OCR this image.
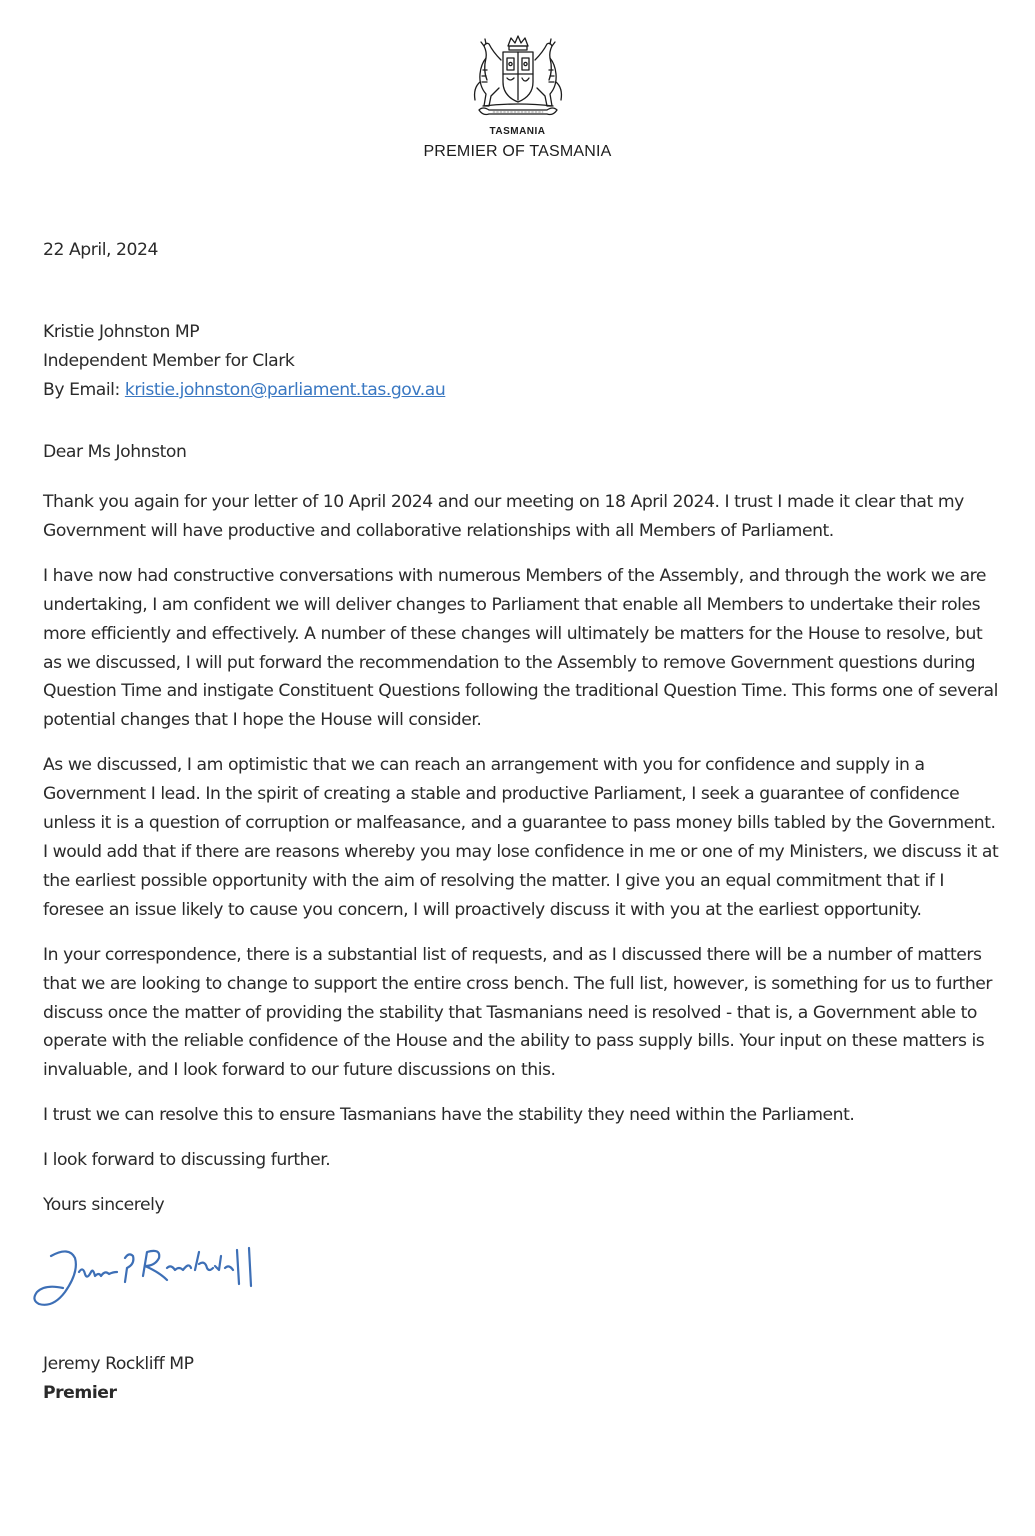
TASMANIA
PREMIER OF TASMANIA

22 April, 2024

Kristie Johnston MP
Independent Member for Clark
By Email: kristie.johnston@parliament.tas.gov.au

Dear Ms Johnston

Thank you again for your letter of 10 April 2024 and our meeting on 18 April 2024. I trust I made it clear that my Government will have productive and collaborative relationships with all Members of Parliament.

I have now had constructive conversations with numerous Members of the Assembly, and through the work we are undertaking, I am confident we will deliver changes to Parliament that enable all Members to undertake their roles more efficiently and effectively. A number of these changes will ultimately be matters for the House to resolve, but as we discussed, I will put forward the recommendation to the Assembly to remove Government questions during Question Time and instigate Constituent Questions following the traditional Question Time. This forms one of several potential changes that I hope the House will consider.

As we discussed, I am optimistic that we can reach an arrangement with you for confidence and supply in a Government I lead. In the spirit of creating a stable and productive Parliament, I seek a guarantee of confidence unless it is a question of corruption or malfeasance, and a guarantee to pass money bills tabled by the Government. I would add that if there are reasons whereby you may lose confidence in me or one of my Ministers, we discuss it at the earliest possible opportunity with the aim of resolving the matter. I give you an equal commitment that if I foresee an issue likely to cause you concern, I will proactively discuss it with you at the earliest opportunity.

In your correspondence, there is a substantial list of requests, and as I discussed there will be a number of matters that we are looking to change to support the entire cross bench. The full list, however, is something for us to further discuss once the matter of providing the stability that Tasmanians need is resolved - that is, a Government able to operate with the reliable confidence of the House and the ability to pass supply bills. Your input on these matters is invaluable, and I look forward to our future discussions on this.

I trust we can resolve this to ensure Tasmanians have the stability they need within the Parliament.

I look forward to discussing further.

Yours sincerely

Jeremy Rockliff MP
Premier
